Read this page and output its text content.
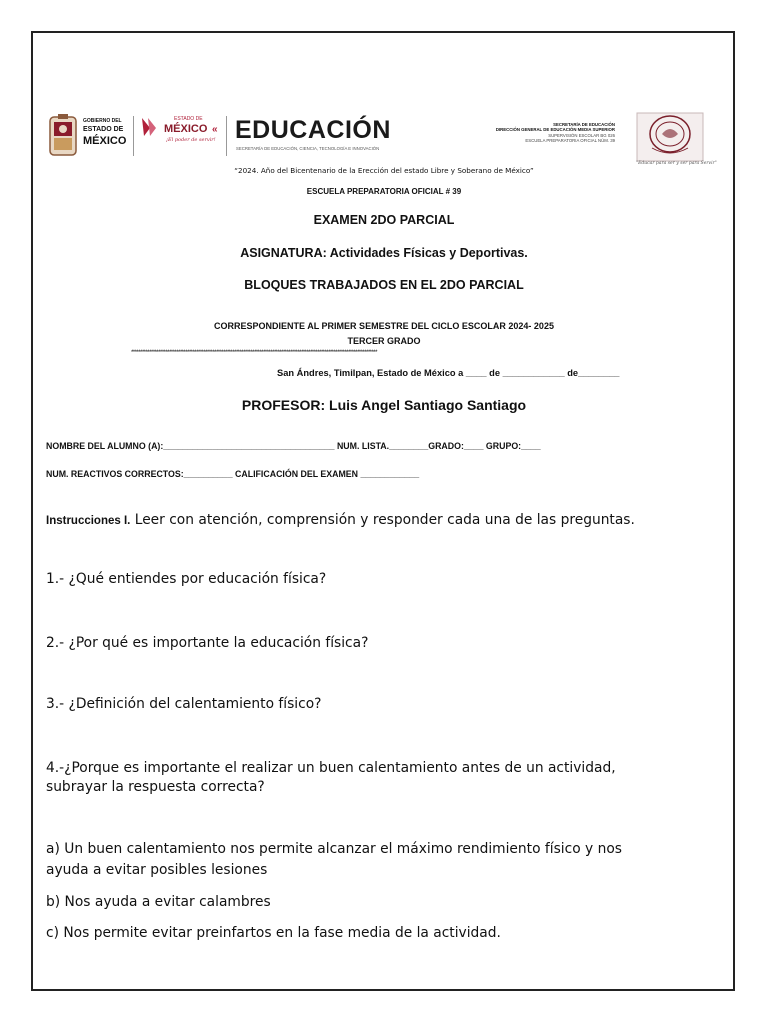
GOBIERNO DEL
ESTADO DE
MÉXICO
ESTADO DE
MÉXICO «
¡El poder de servir! EDUCACIÓN
SECRETARÍA DE EDUCACIÓN, CIENCIA, TECNOLOGÍA E INNOVACIÓN
SECRETARÍA DE EDUCACIÓN
DIRECCIÓN GENERAL DE EDUCACIÓN MEDIA SUPERIOR
SUPERVISIÓN ESCOLAR BG 026
ESCUELA PREPARATORIA OFICIAL NÚM. 39
"Educar para ser y ser para Servir"
“2024. Año del Bicentenario de la Erección del estado Libre y Soberano de México”
ESCUELA PREPARATORIA OFICIAL # 39
EXAMEN 2DO PARCIAL
ASIGNATURA: Actividades Físicas y Deportivas.
BLOQUES TRABAJADOS EN EL 2DO PARCIAL
CORRESPONDIENTE AL PRIMER SEMESTRE DEL CICLO ESCOLAR 2024- 2025
TERCER GRADO
****************************************************************************************************************************************
San Ándres, Timilpan, Estado de México a ____ de ____________ de________
PROFESOR: Luis Angel Santiago Santiago
NOMBRE DEL ALUMNO (A):___________________________________ NUM. LISTA.________GRADO:____ GRUPO:____
NUM. REACTIVOS CORRECTOS:__________ CALIFICACIÓN DEL EXAMEN ____________
Instrucciones I. Leer con atención, comprensión y responder cada una de las preguntas.
1.- ¿Qué entiendes por educación física?
2.- ¿Por qué es importante la educación física?
3.- ¿Definición del calentamiento físico?
4.-¿Porque es importante el realizar un buen calentamiento antes de un actividad,
subrayar la respuesta correcta?
a) Un buen calentamiento nos permite alcanzar el máximo rendimiento físico y nos
ayuda a evitar posibles lesiones
b) Nos ayuda a evitar calambres
c) Nos permite evitar preinfartos en la fase media de la actividad.
